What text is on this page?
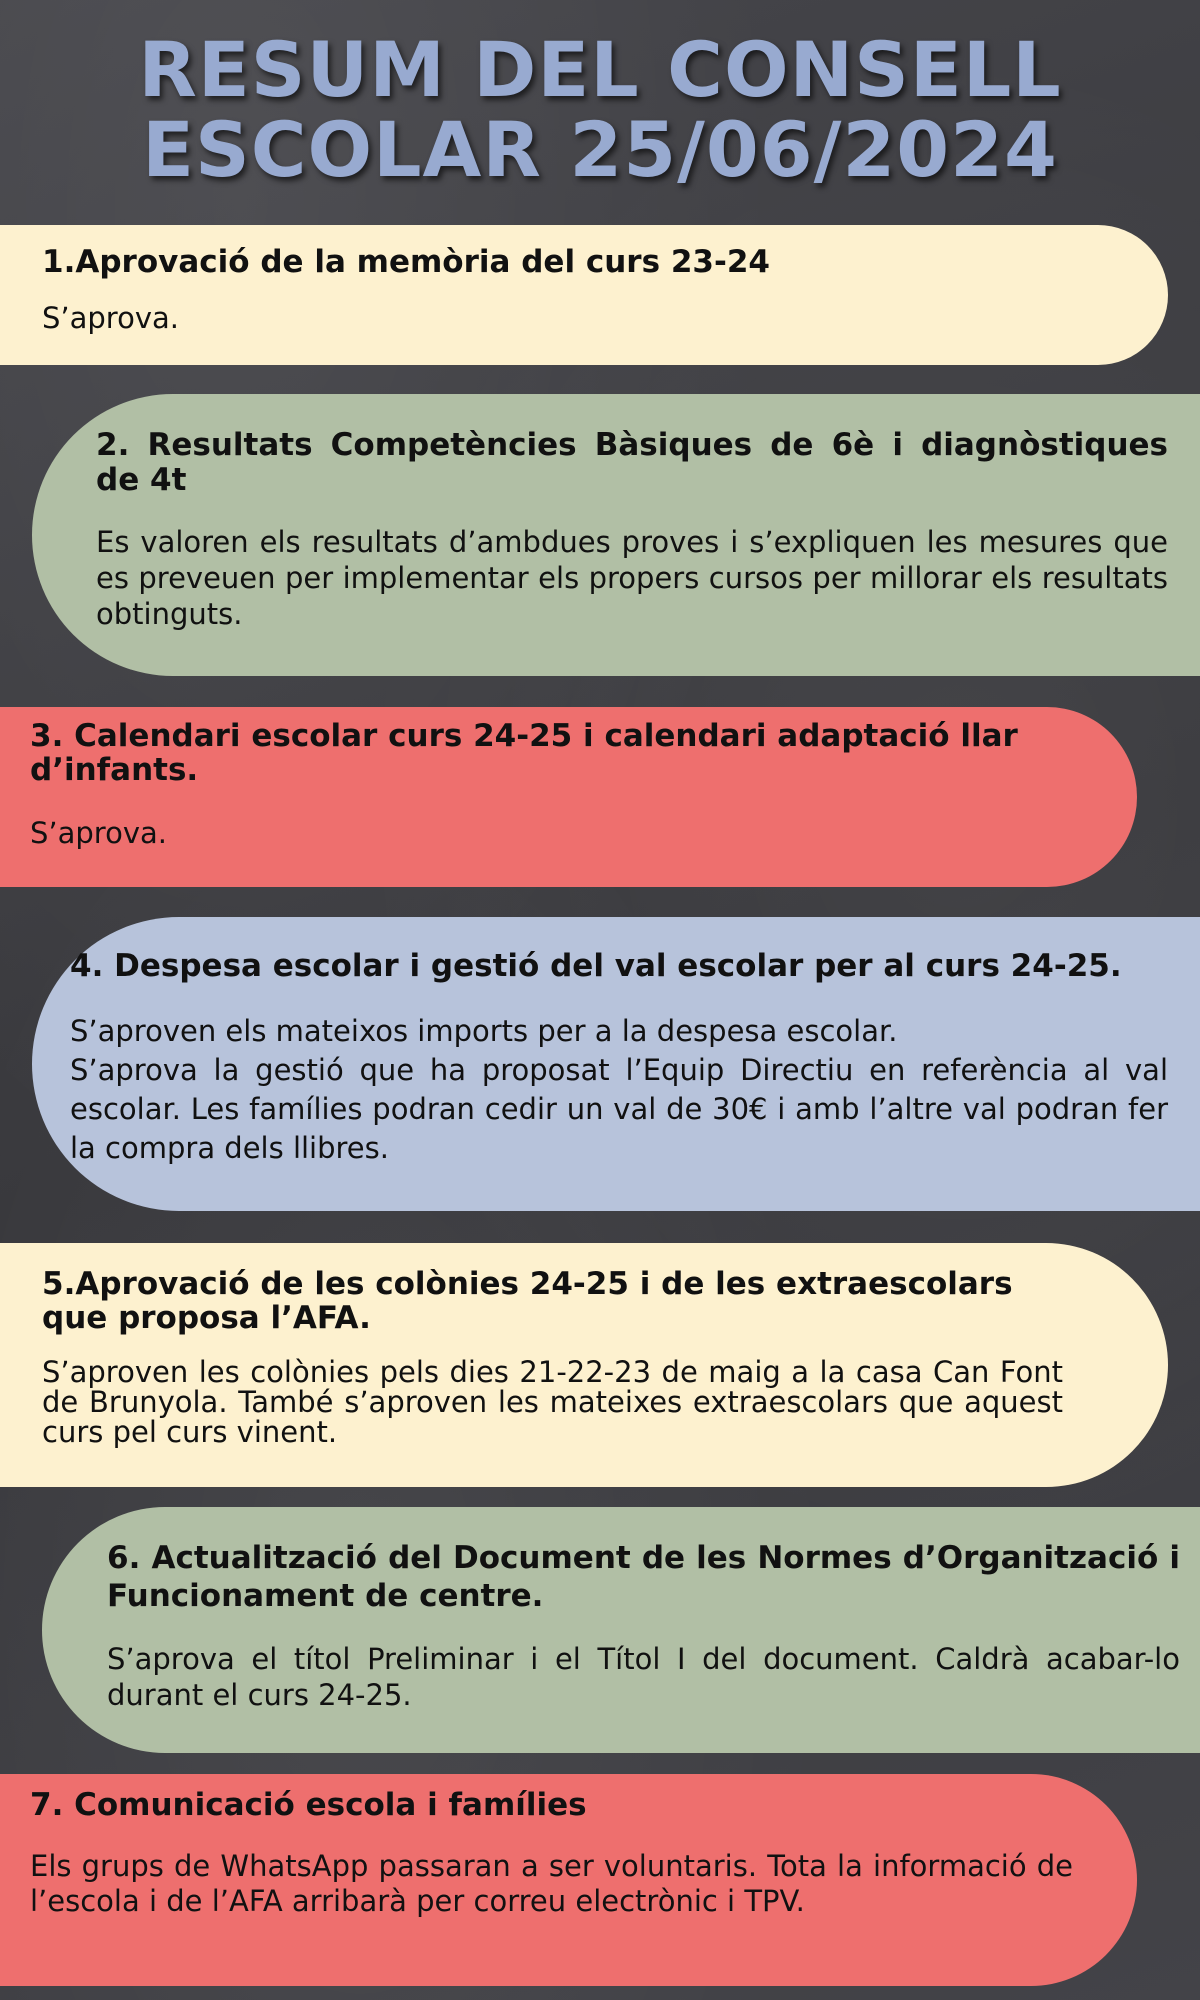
RESUM DEL CONSELL
ESCOLAR 25/06/2024
1.Aprovació de la memòria del curs 23-24

S’aprova.

2. Resultats Competències Bàsiques de 6è i diagnòstiques de 4t

Es valoren els resultats d’ambdues proves i s’expliquen les mesures que es preveuen per implementar els propers cursos per millorar els resultats obtinguts.

3. Calendari escolar curs 24-25 i calendari adaptació llar d’infants.

S’aprova.

4. Despesa escolar i gestió del val escolar per al curs 24-25.

S’aproven els mateixos imports per a la despesa escolar.

S’aprova la gestió que ha proposat l’Equip Directiu en referència al val escolar. Les famílies podran cedir un val de 30€ i amb l’altre val podran fer la compra dels llibres.

5.Aprovació de les colònies 24-25 i de les extraescolars que proposa l’AFA.

S’aproven les colònies pels dies 21-22-23 de maig a la casa Can Font de Brunyola. També s’aproven les mateixes extraescolars que aquest curs pel curs vinent.

6. Actualització del Document de les Normes d’Organització i Funcionament de centre.

S’aprova el títol Preliminar i el Títol I del document. Caldrà acabar-lo durant el curs 24-25.

7. Comunicació escola i famílies

Els grups de WhatsApp passaran a ser voluntaris. Tota la informació de l’escola i de l’AFA arribarà per correu electrònic i TPV.
